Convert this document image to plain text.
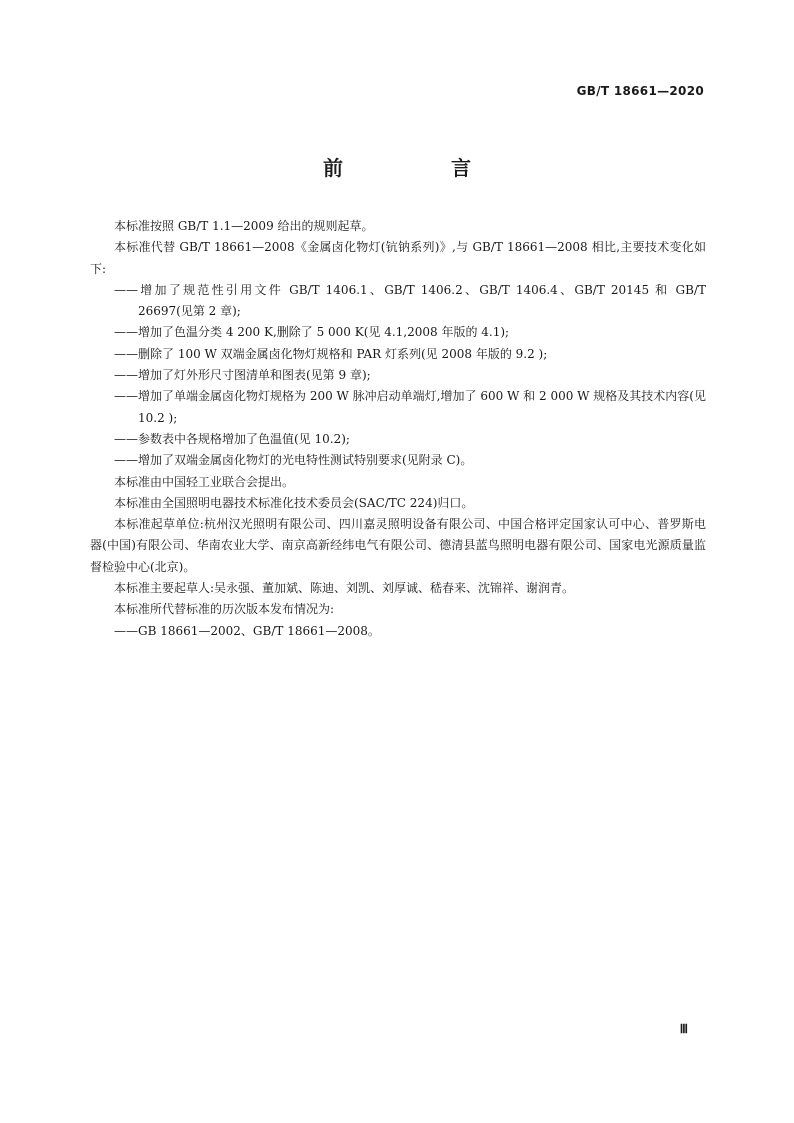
GB/T 18661—2020
前　言

本标准按照 GB/T 1.1—2009 给出的规则起草。

本标准代替 GB/T 18661—2008《金属卤化物灯(钪钠系列)》,与 GB/T 18661—2008 相比,主要技术变化如下:

——增加了规范性引用文件 GB/T 1406.1、GB/T 1406.2、GB/T 1406.4、GB/T 20145 和 GB/T 26697(见第 2 章);

——增加了色温分类 4 200 K,删除了 5 000 K(见 4.1,2008 年版的 4.1);

——删除了 100 W 双端金属卤化物灯规格和 PAR 灯系列(见 2008 年版的 9.2 );

——增加了灯外形尺寸图清单和图表(见第 9 章);

——增加了单端金属卤化物灯规格为 200 W 脉冲启动单端灯,增加了 600 W 和 2 000 W 规格及其技术内容(见 10.2 );

——参数表中各规格增加了色温值(见 10.2);

——增加了双端金属卤化物灯的光电特性测试特别要求(见附录 C)。

本标准由中国轻工业联合会提出。

本标准由全国照明电器技术标准化技术委员会(SAC/TC 224)归口。

本标准起草单位:杭州汉光照明有限公司、四川嘉灵照明设备有限公司、中国合格评定国家认可中心、普罗斯电器(中国)有限公司、华南农业大学、南京高新经纬电气有限公司、德清县蓝鸟照明电器有限公司、国家电光源质量监督检验中心(北京)。

本标准主要起草人:吴永强、董加斌、陈迪、刘凯、刘厚诚、嵇春来、沈锦祥、谢润青。

本标准所代替标准的历次版本发布情况为:

——GB 18661—2002、GB/T 18661—2008。

Ⅲ
